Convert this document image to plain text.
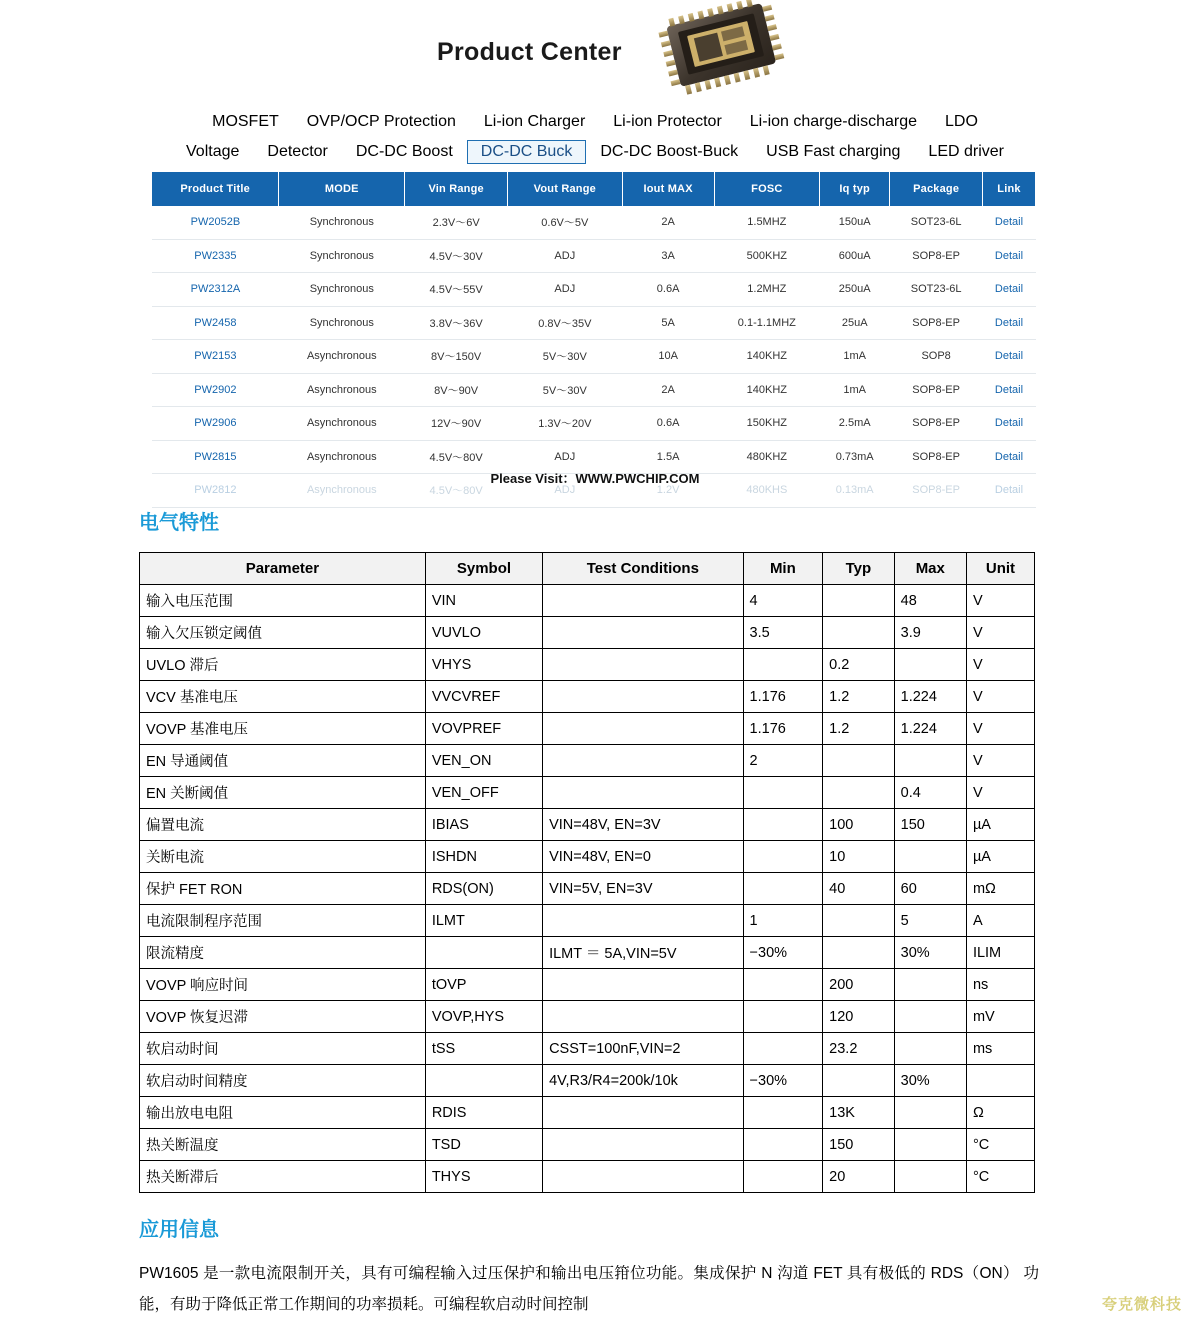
Product Center
MOSFET	OVP/OCP Protection	Li-ion Charger	Li-ion Protector	Li-ion charge-discharge	LDO
Voltage	Detector	DC-DC Boost	DC-DC Buck	DC-DC Boost-Buck	USB Fast charging	LED driver
Product Title	MODE	Vin Range	Vout Range	Iout MAX	FOSC	Iq typ	Package	Link
PW2052B	Synchronous	2.3V～6V	0.6V～5V	2A	1.5MHZ	150uA	SOT23-6L	Detail
PW2335	Synchronous	4.5V～30V	ADJ	3A	500KHZ	600uA	SOP8-EP	Detail
PW2312A	Synchronous	4.5V～55V	ADJ	0.6A	1.2MHZ	250uA	SOT23-6L	Detail
PW2458	Synchronous	3.8V～36V	0.8V～35V	5A	0.1-1.1MHZ	25uA	SOP8-EP	Detail
PW2153	Asynchronous	8V～150V	5V～30V	10A	140KHZ	1mA	SOP8	Detail
PW2902	Asynchronous	8V～90V	5V～30V	2A	140KHZ	1mA	SOP8-EP	Detail
PW2906	Asynchronous	12V～90V	1.3V～20V	0.6A	150KHZ	2.5mA	SOP8-EP	Detail
PW2815	Asynchronous	4.5V～80V	ADJ	1.5A	480KHZ	0.73mA	SOP8-EP	Detail
PW2812	Asynchronous	4.5V～80V	ADJ	1.2V	480KHS	0.13mA	SOP8-EP	Detail
Please Visit：WWW.PWCHIP.COM
电气特性
Parameter	Symbol	Test Conditions	Min	Typ	Max	Unit
输入电压范围	VIN		4		48	V
输入欠压锁定阈值	VUVLO		3.5		3.9	V
UVLO 滞后	VHYS			0.2		V
VCV 基准电压	VVCVREF		1.176	1.2	1.224	V
VOVP 基准电压	VOVPREF		1.176	1.2	1.224	V
EN 导通阈值	VEN_ON		2			V
EN 关断阈值	VEN_OFF				0.4	V
偏置电流	IBIAS	VIN=48V, EN=3V		100	150	µA
关断电流	ISHDN	VIN=48V, EN=0		10		µA
保护 FET RON	RDS(ON)	VIN=5V, EN=3V		40	60	mΩ
电流限制程序范围	ILMT		1		5	A
限流精度		ILMT ＝ 5A,VIN=5V	−30%		30%	ILIM
VOVP 响应时间	tOVP			200		ns
VOVP 恢复迟滞	VOVP,HYS			120		mV
软启动时间	tSS	CSST=100nF,VIN=2		23.2		ms
软启动时间精度		4V,R3/R4=200k/10k	−30%		30%	
输出放电电阻	RDIS			13K		Ω
热关断温度	TSD			150		°C
热关断滞后	THYS			20		°C
应用信息
PW1605 是一款电流限制开关，具有可编程输入过压保护和输出电压箝位功能。集成保护 N 沟道 FET 具有极低的 RDS（ON） 功能，有助于降低正常工作期间的功率损耗。可编程软启动时间控制	夸克微科技
